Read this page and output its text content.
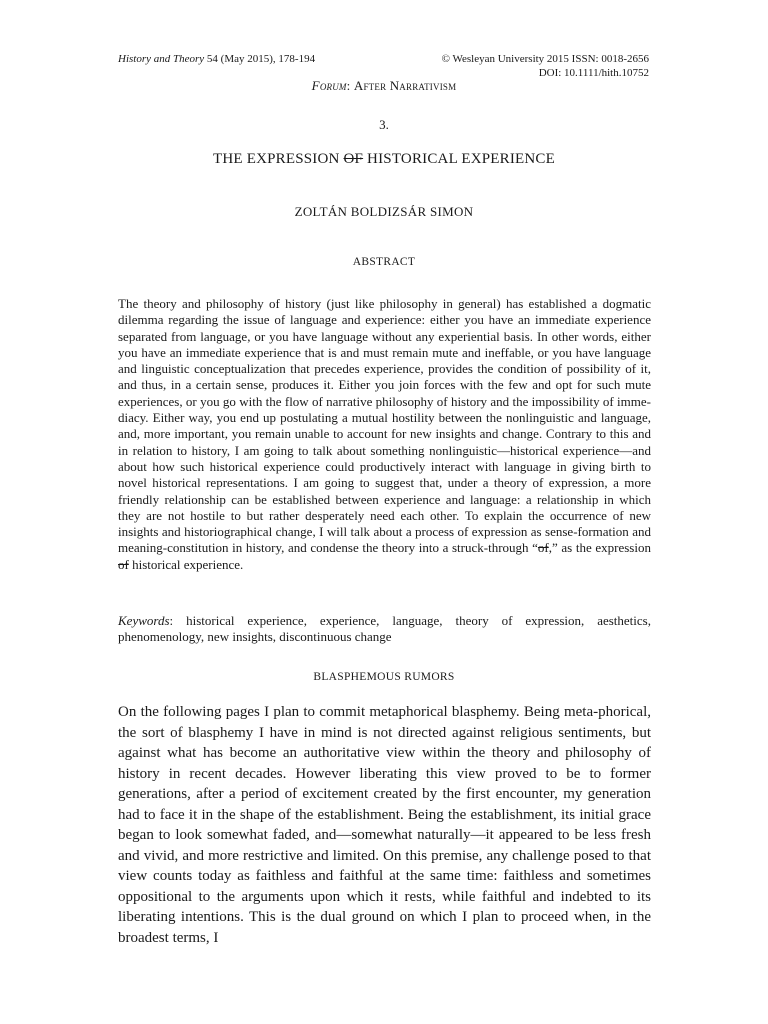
History and Theory 54 (May 2015), 178-194	© Wesleyan University 2015 ISSN: 0018-2656
DOI: 10.1111/hith.10752
Forum: After Narrativism
3.
THE EXPRESSION OF HISTORICAL EXPERIENCE
ZOLTÁN BOLDIZSÁR SIMON
ABSTRACT

The theory and philosophy of history (just like philosophy in general) has established a dogmatic dilemma regarding the issue of language and experience: either you have an immediate experience separated from language, or you have language without any experiential basis. In other words, either you have an immediate experience that is and must remain mute and ineffable, or you have language and linguistic conceptualization that precedes experience, provides the condition of possibility of it, and thus, in a certain sense, produces it. Either you join forces with the few and opt for such mute experiences, or you go with the flow of narrative philosophy of history and the impossibility of imme-diacy. Either way, you end up postulating a mutual hostility between the nonlinguistic and language, and, more important, you remain unable to account for new insights and change. Contrary to this and in relation to history, I am going to talk about something nonlinguistic—historical experience—and about how such historical experience could productively interact with language in giving birth to novel historical representations. I am going to suggest that, under a theory of expression, a more friendly relationship can be established between experience and language: a relationship in which they are not hostile to but rather desperately need each other. To explain the occurrence of new insights and historiographical change, I will talk about a process of expression as sense-formation and meaning-constitution in history, and condense the theory into a struck-through “of,” as the expression of historical experience.

Keywords: historical experience, experience, language, theory of expression, aesthetics, phenomenology, new insights, discontinuous change

BLASPHEMOUS RUMORS

On the following pages I plan to commit metaphorical blasphemy. Being meta-phorical, the sort of blasphemy I have in mind is not directed against religious sentiments, but against what has become an authoritative view within the theory and philosophy of history in recent decades. However liberating this view proved to be to former generations, after a period of excitement created by the first encounter, my generation had to face it in the shape of the establishment. Being the establishment, its initial grace began to look somewhat faded, and—somewhat naturally—it appeared to be less fresh and vivid, and more restrictive and limited. On this premise, any challenge posed to that view counts today as faithless and faithful at the same time: faithless and sometimes oppositional to the arguments upon which it rests, while faithful and indebted to its liberating intentions. This is the dual ground on which I plan to proceed when, in the broadest terms, I
